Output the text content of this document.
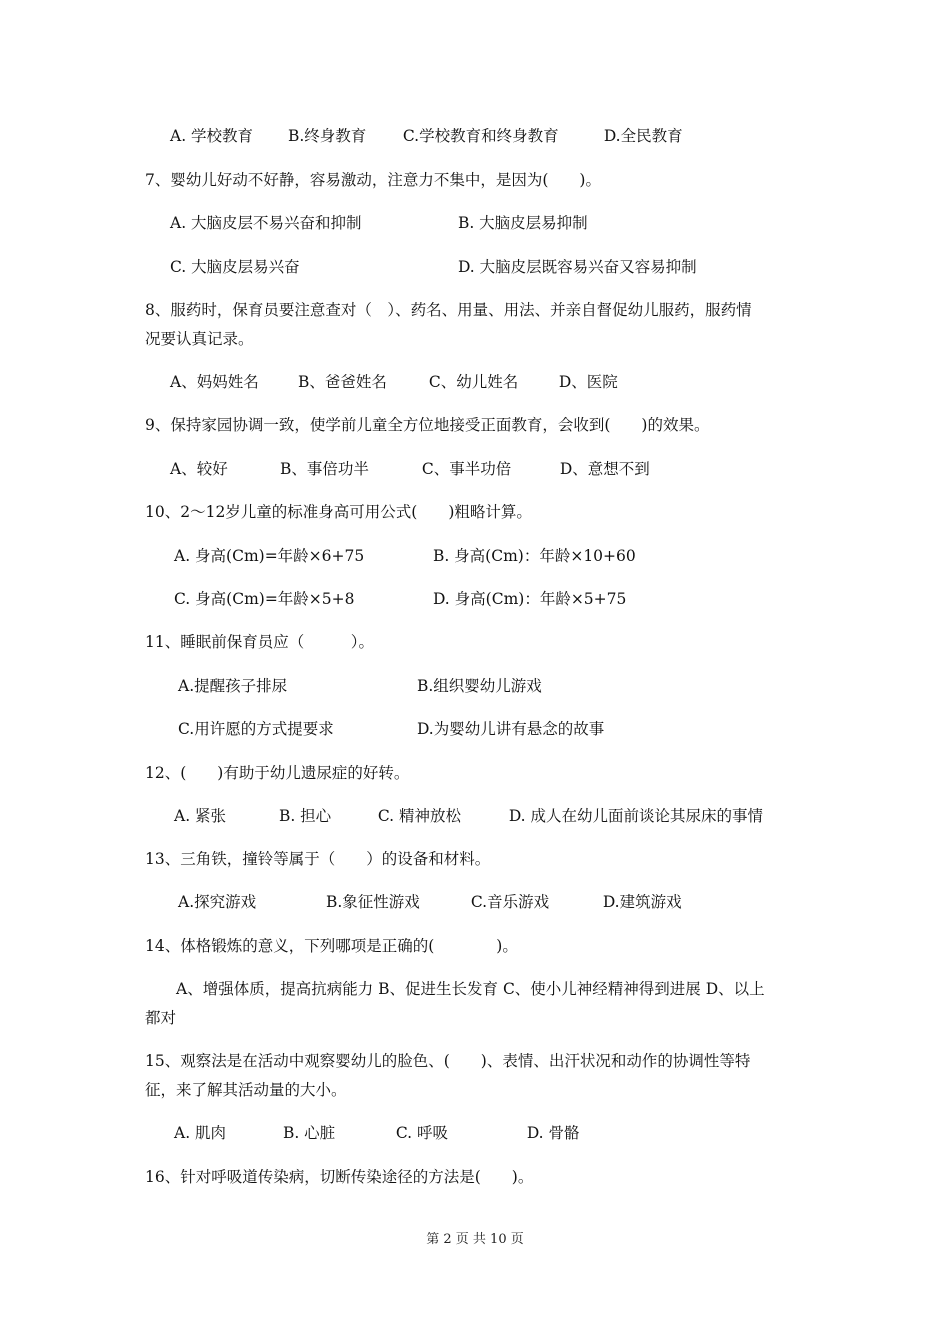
A. 学校教育 B.终身教育 C.学校教育和终身教育	D.全民教育
7、婴幼儿好动不好静，容易激动，注意力不集中，是因为(　　)。
A. 大脑皮层不易兴奋和抑制	B. 大脑皮层易抑制
C. 大脑皮层易兴奋	D. 大脑皮层既容易兴奋又容易抑制
8、服药时，保育员要注意查对（　）、药名、用量、用法、并亲自督促幼儿服药，服药情
况要认真记录。
A、妈妈姓名	B、爸爸姓名	C、幼儿姓名	D、医院
9、保持家园协调一致，使学前儿童全方位地接受正面教育，会收到(　　)的效果。
A、较好	B、事倍功半	C、事半功倍	D、意想不到
10、2～12岁儿童的标准身高可用公式(　　)粗略计算。
A. 身高(Cm)=年龄×6+75	B. 身高(Cm)：年龄×10+60
C. 身高(Cm)=年龄×5+8	D. 身高(Cm)：年龄×5+75
11、睡眠前保育员应（　　　）。
A.提醒孩子排尿	B.组织婴幼儿游戏
C.用许愿的方式提要求	D.为婴幼儿讲有悬念的故事
12、(　　)有助于幼儿遗尿症的好转。
A. 紧张	B. 担心	C. 精神放松	D. 成人在幼儿面前谈论其尿床的事情
13、三角铁，撞铃等属于（　　）的设备和材料。
A.探究游戏	B.象征性游戏	C.音乐游戏	D.建筑游戏
14、体格锻炼的意义，下列哪项是正确的(　　　　)。
A、增强体质，提高抗病能力 B、促进生长发育 C、使小儿神经精神得到进展 D、以上
都对
15、观察法是在活动中观察婴幼儿的脸色、(　　)、表情、出汗状况和动作的协调性等特
征，来了解其活动量的大小。
A. 肌肉	B. 心脏	C. 呼吸	D. 骨骼
16、针对呼吸道传染病，切断传染途径的方法是(　　)。
第 2 页 共 10 页
